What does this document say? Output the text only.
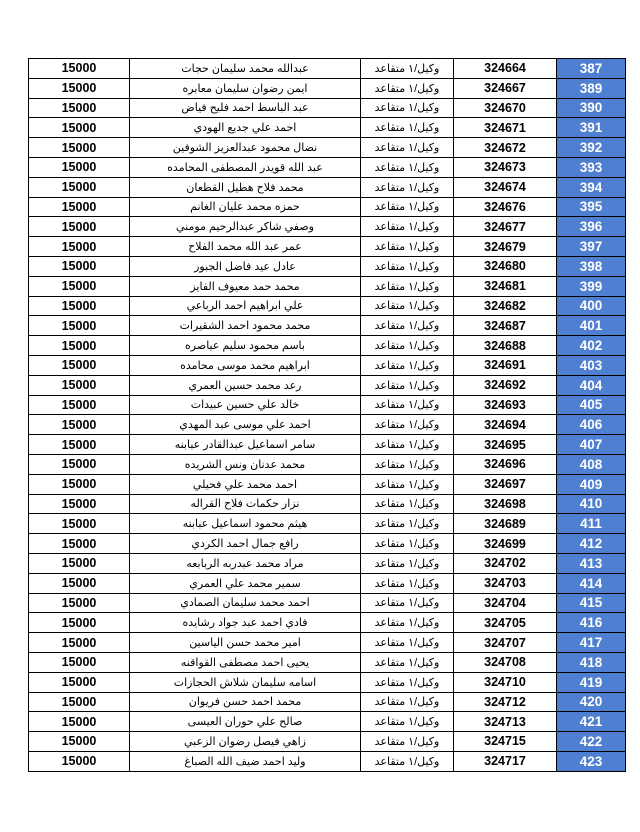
15000	عبدالله محمد سليمان حجات	وكيل/١ متقاعد	324664	387
15000	ايمن رضوان سليمان معابره	وكيل/١ متقاعد	324667	389
15000	عبد الباسط احمد فليح فياض	وكيل/١ متقاعد	324670	390
15000	احمد علي جديع الهودي	وكيل/١ متقاعد	324671	391
15000	نضال محمود عبدالعزيز الشوفين	وكيل/١ متقاعد	324672	392
15000	عبد الله قويدر المصطفى المحامده	وكيل/١ متقاعد	324673	393
15000	محمد فلاح هطيل القطعان	وكيل/١ متقاعد	324674	394
15000	حمزه محمد عليان الغانم	وكيل/١ متقاعد	324676	395
15000	وصفي شاكر عبدالرحيم مومني	وكيل/١ متقاعد	324677	396
15000	عمر عبد الله محمد الفلاح	وكيل/١ متقاعد	324679	397
15000	عادل عيد فاضل الجبور	وكيل/١ متقاعد	324680	398
15000	محمد حمد معيوف الفايز	وكيل/١ متقاعد	324681	399
15000	علي ابراهيم احمد الرباعي	وكيل/١ متقاعد	324682	400
15000	محمد محمود احمد الشقيرات	وكيل/١ متقاعد	324687	401
15000	باسم محمود سليم عياصره	وكيل/١ متقاعد	324688	402
15000	ابراهيم محمد موسى محامده	وكيل/١ متقاعد	324691	403
15000	رعد محمد حسين العمري	وكيل/١ متقاعد	324692	404
15000	خالد علي حسين عبيدات	وكيل/١ متقاعد	324693	405
15000	احمد علي موسى عبد المهدي	وكيل/١ متقاعد	324694	406
15000	سامر اسماعيل عبدالقادر عبابنه	وكيل/١ متقاعد	324695	407
15000	محمد عدنان ونس الشريده	وكيل/١ متقاعد	324696	408
15000	احمد محمد علي فحيلي	وكيل/١ متقاعد	324697	409
15000	نزار حكمات فلاح القراله	وكيل/١ متقاعد	324698	410
15000	هيثم محمود اسماعيل عبابنه	وكيل/١ متقاعد	324689	411
15000	رافع جمال احمد الكردي	وكيل/١ متقاعد	324699	412
15000	مراد محمد عبدربه الربابعه	وكيل/١ متقاعد	324702	413
15000	سمير محمد علي العمري	وكيل/١ متقاعد	324703	414
15000	احمد محمد سليمان الصمادي	وكيل/١ متقاعد	324704	415
15000	فادي احمد عبد جواد رشايده	وكيل/١ متقاعد	324705	416
15000	امير محمد حسن الياسين	وكيل/١ متقاعد	324707	417
15000	يحيى احمد مصطفى القواقنه	وكيل/١ متقاعد	324708	418
15000	اسامه سليمان شلاش الحجازات	وكيل/١ متقاعد	324710	419
15000	محمد احمد حسن فريوان	وكيل/١ متقاعد	324712	420
15000	صالح علي حوران العيسى	وكيل/١ متقاعد	324713	421
15000	زاهي فيصل رضوان الزعبي	وكيل/١ متقاعد	324715	422
15000	وليد احمد ضيف الله الصباغ	وكيل/١ متقاعد	324717	423
